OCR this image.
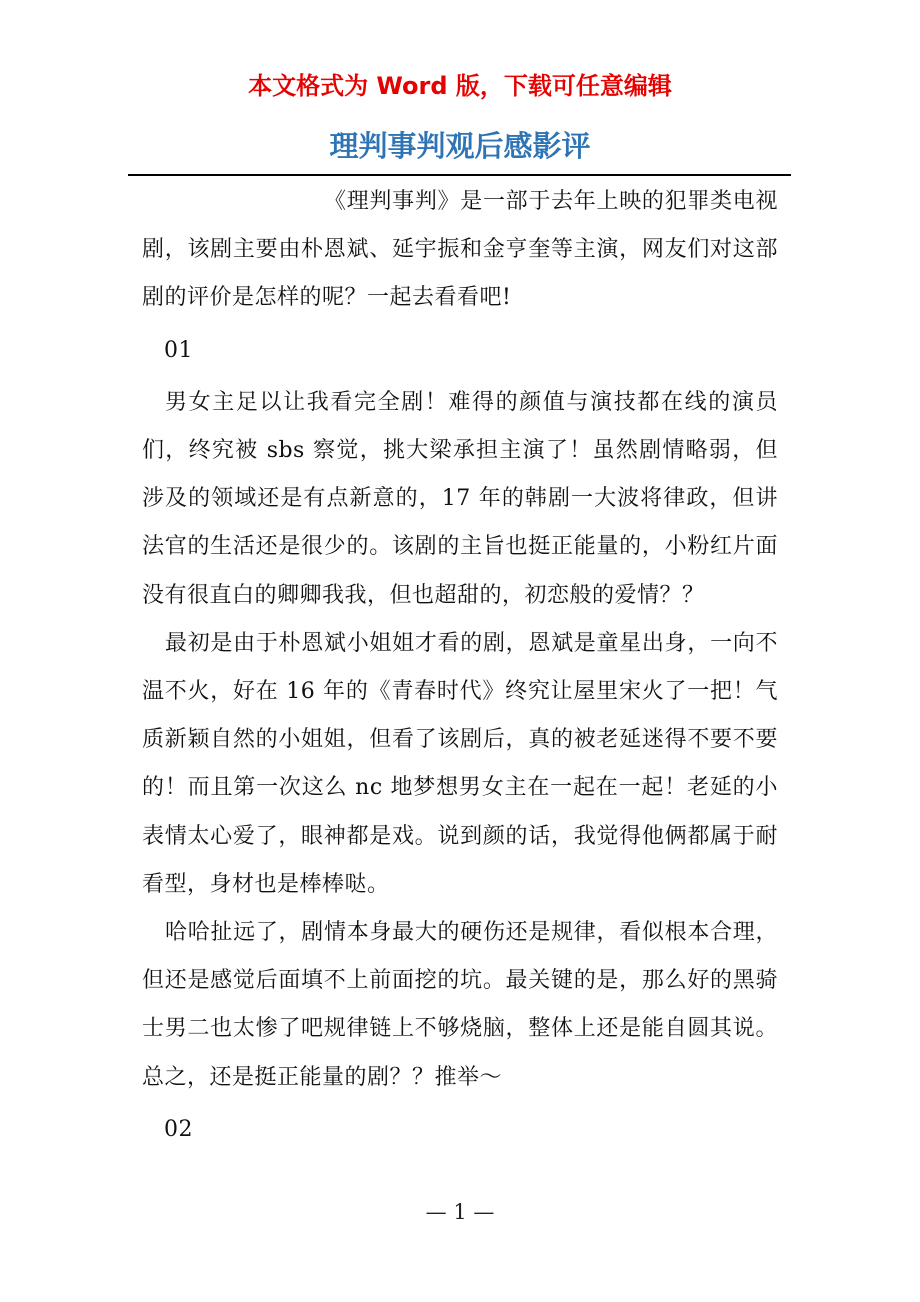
本文格式为 Word 版，下载可任意编辑
理判事判观后感影评

《理判事判》是一部于去年上映的犯罪类电视剧，该剧主要由朴恩斌、延宇振和金亨奎等主演，网友们对这部剧的评价是怎样的呢？一起去看看吧!

01

男女主足以让我看完全剧！难得的颜值与演技都在线的演员们，终究被 sbs 察觉，挑大梁承担主演了！虽然剧情略弱，但涉及的领域还是有点新意的，17 年的韩剧一大波将律政，但讲法官的生活还是很少的。该剧的主旨也挺正能量的，小粉红片面没有很直白的卿卿我我，但也超甜的，初恋般的爱情？？

最初是由于朴恩斌小姐姐才看的剧，恩斌是童星出身，一向不温不火，好在 16 年的《青春时代》终究让屋里宋火了一把！气质新颖自然的小姐姐，但看了该剧后，真的被老延迷得不要不要的！而且第一次这么 nc 地梦想男女主在一起在一起！老延的小表情太心爱了，眼神都是戏。说到颜的话，我觉得他俩都属于耐看型，身材也是棒棒哒。

哈哈扯远了，剧情本身最大的硬伤还是规律，看似根本合理，但还是感觉后面填不上前面挖的坑。最关键的是，那么好的黑骑士男二也太惨了吧规律链上不够烧脑，整体上还是能自圆其说。总之，还是挺正能量的剧？？推举～

02

— 1 —
